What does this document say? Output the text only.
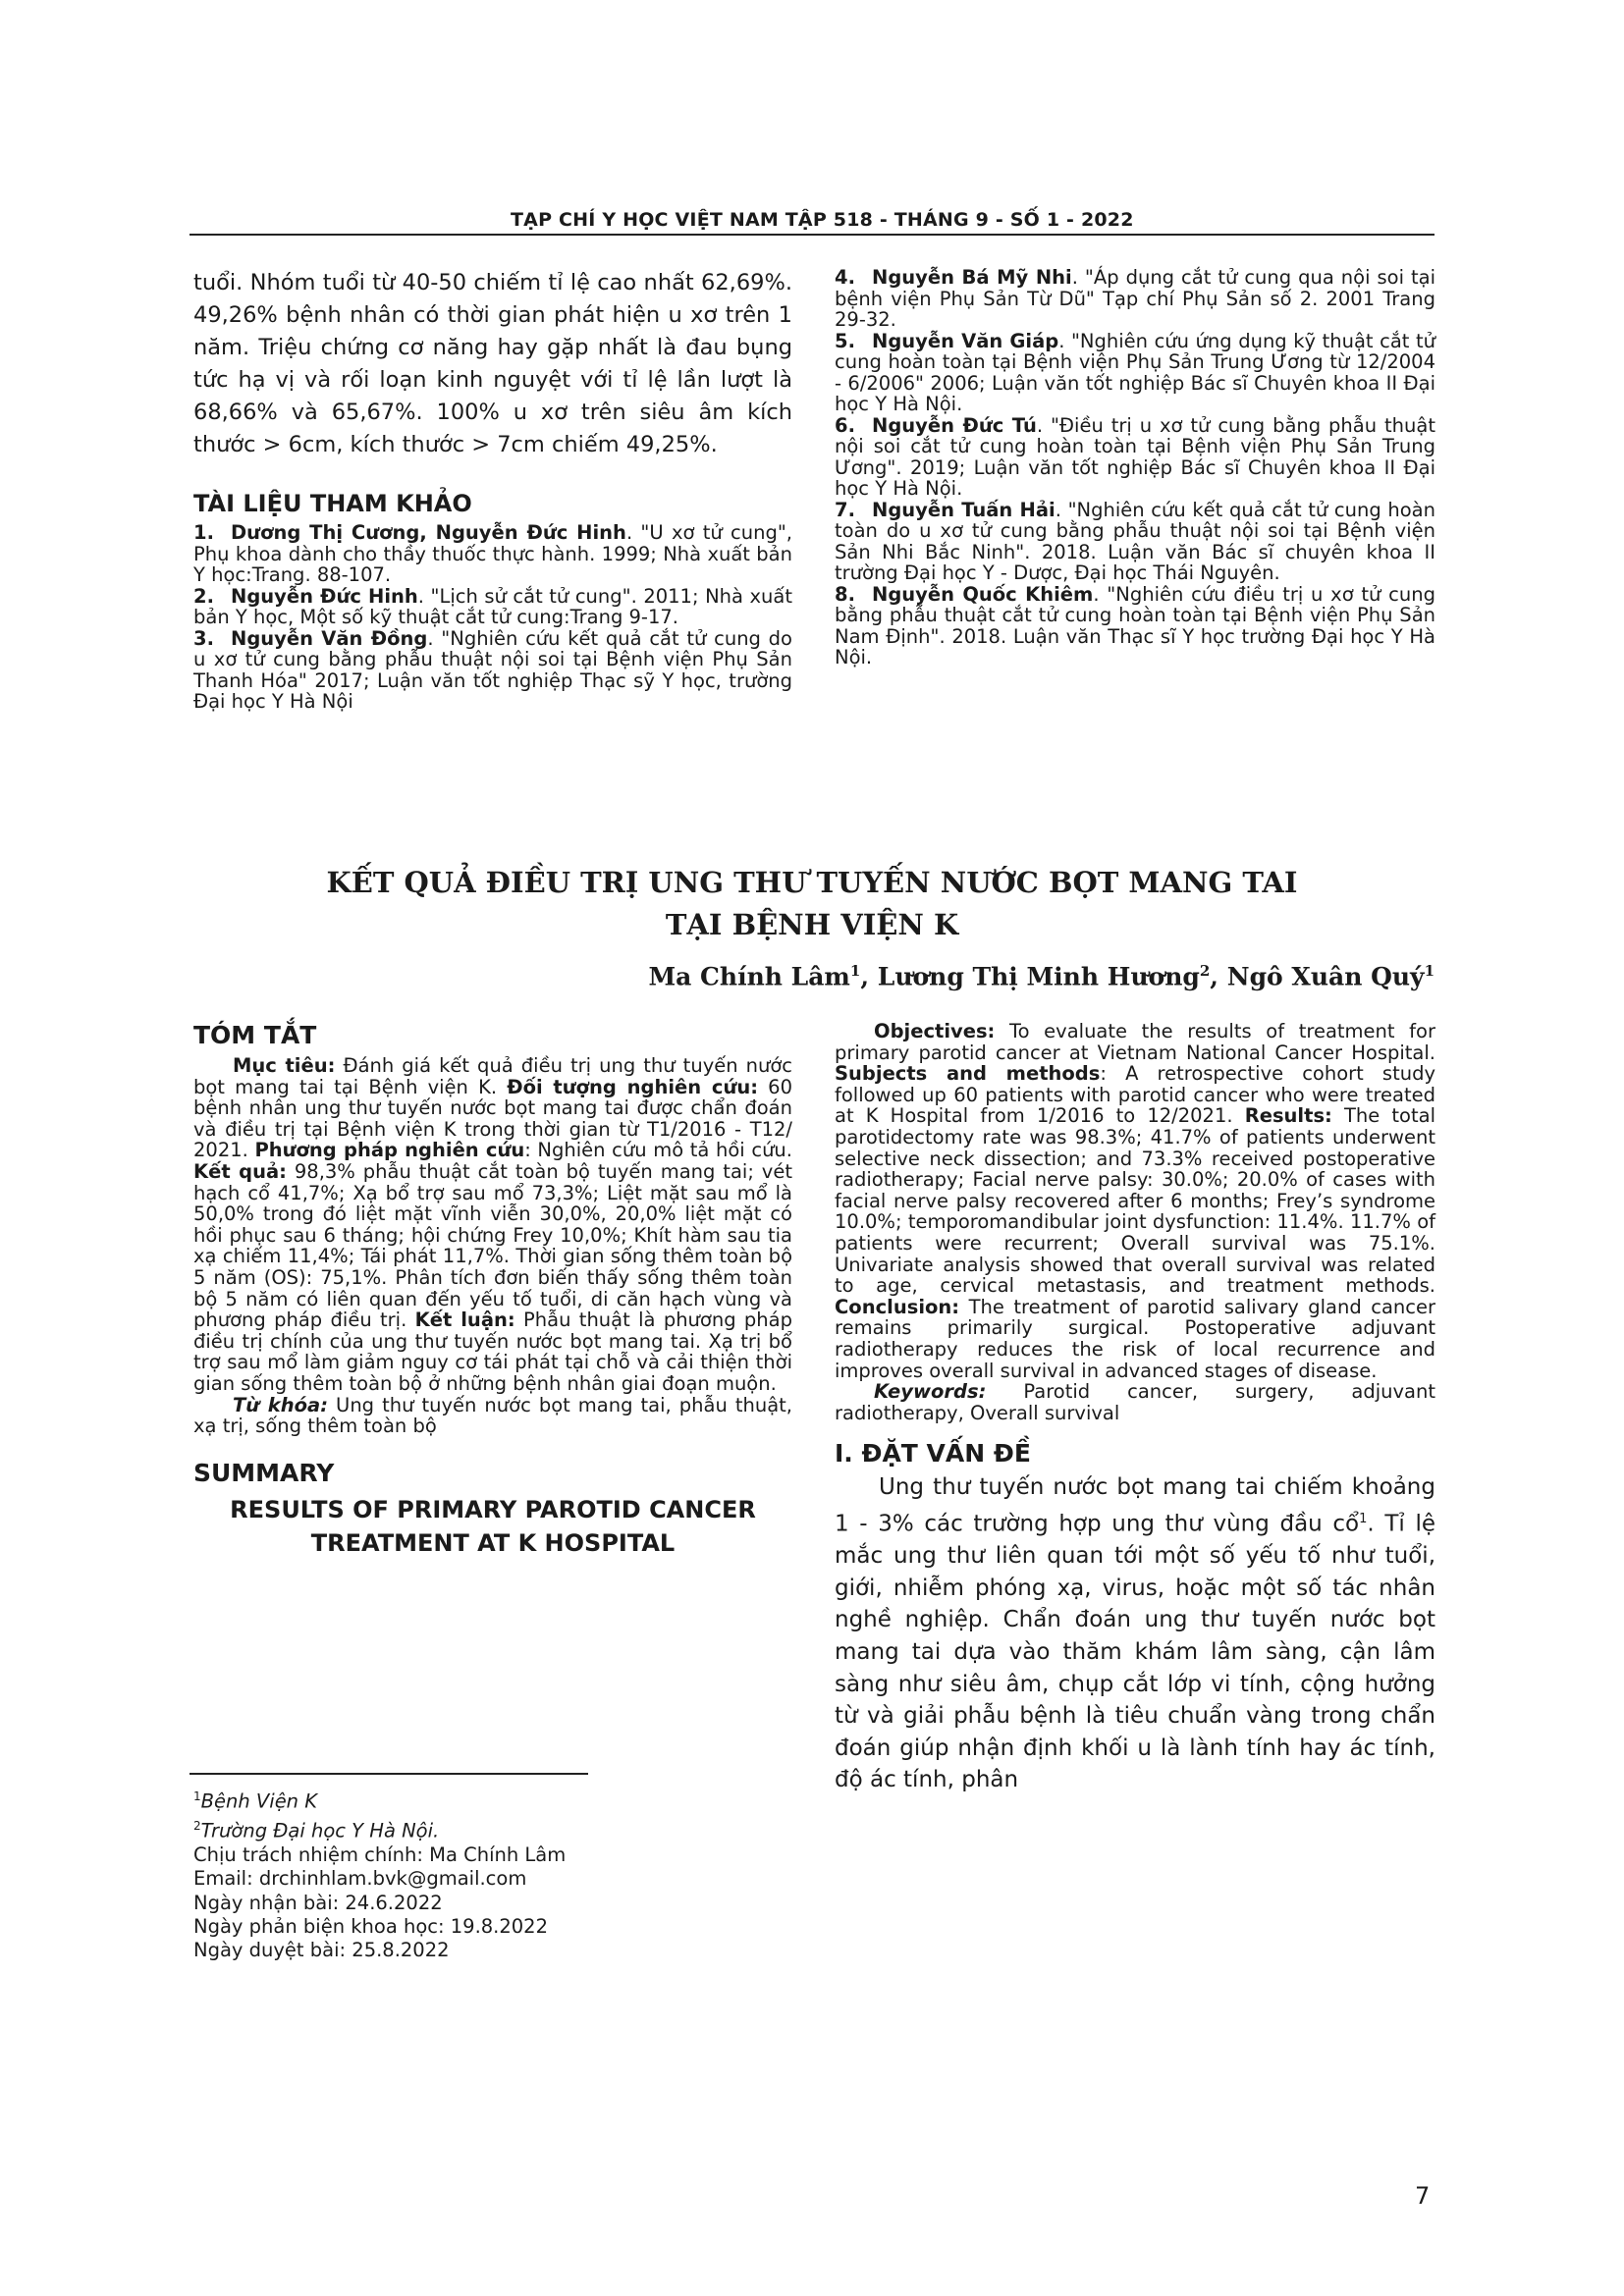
TẠP CHÍ Y HỌC VIỆT NAM TẬP 518 - THÁNG 9 - SỐ 1 - 2022
tuổi. Nhóm tuổi từ 40-50 chiếm tỉ lệ cao nhất 62,69%. 49,26% bệnh nhân có thời gian phát hiện u xơ trên 1 năm. Triệu chứng cơ năng hay gặp nhất là đau bụng tức hạ vị và rối loạn kinh nguyệt với tỉ lệ lần lượt là 68,66% và 65,67%. 100% u xơ trên siêu âm kích thước > 6cm, kích thước > 7cm chiếm 49,25%.
TÀI LIỆU THAM KHẢO

1. Dương Thị Cương, Nguyễn Đức Hinh. "U xơ tử cung", Phụ khoa dành cho thầy thuốc thực hành. 1999; Nhà xuất bản Y học:Trang. 88-107.

2. Nguyễn Đức Hinh. "Lịch sử cắt tử cung". 2011; Nhà xuất bản Y học, Một số kỹ thuật cắt tử cung:Trang 9-17.

3. Nguyễn Văn Đồng. "Nghiên cứu kết quả cắt tử cung do u xơ tử cung bằng phẫu thuật nội soi tại Bệnh viện Phụ Sản Thanh Hóa" 2017; Luận văn tốt nghiệp Thạc sỹ Y học, trường Đại học Y Hà Nội

4. Nguyễn Bá Mỹ Nhi. "Áp dụng cắt tử cung qua nội soi tại bệnh viện Phụ Sản Từ Dũ" Tạp chí Phụ Sản số 2. 2001 Trang 29-32.

5. Nguyễn Văn Giáp. "Nghiên cứu ứng dụng kỹ thuật cắt tử cung hoàn toàn tại Bệnh viện Phụ Sản Trung Ương từ 12/2004 - 6/2006" 2006; Luận văn tốt nghiệp Bác sĩ Chuyên khoa II Đại học Y Hà Nội.

6. Nguyễn Đức Tú. "Điều trị u xơ tử cung bằng phẫu thuật nội soi cắt tử cung hoàn toàn tại Bệnh viện Phụ Sản Trung Ương". 2019; Luận văn tốt nghiệp Bác sĩ Chuyên khoa II Đại học Y Hà Nội.

7. Nguyễn Tuấn Hải. "Nghiên cứu kết quả cắt tử cung hoàn toàn do u xơ tử cung bằng phẫu thuật nội soi tại Bệnh viện Sản Nhi Bắc Ninh". 2018. Luận văn Bác sĩ chuyên khoa II trường Đại học Y - Dược, Đại học Thái Nguyên.

8. Nguyễn Quốc Khiêm. "Nghiên cứu điều trị u xơ tử cung bằng phẫu thuật cắt tử cung hoàn toàn tại Bệnh viện Phụ Sản Nam Định". 2018. Luận văn Thạc sĩ Y học trường Đại học Y Hà Nội.

KẾT QUẢ ĐIỀU TRỊ UNG THƯ TUYẾN NƯỚC BỌT MANG TAI
TẠI BỆNH VIỆN K
Ma Chính Lâm$^1$, Lương Thị Minh Hương$^2$, Ngô Xuân Quý$^1$
TÓM TẮT

Mục tiêu: Đánh giá kết quả điều trị ung thư tuyến nước bọt mang tai tại Bệnh viện K. Đối tượng nghiên cứu: 60 bệnh nhân ung thư tuyến nước bọt mang tai được chẩn đoán và điều trị tại Bệnh viện K trong thời gian từ T1/2016 - T12/ 2021. Phương pháp nghiên cứu: Nghiên cứu mô tả hồi cứu. Kết quả: 98,3% phẫu thuật cắt toàn bộ tuyến mang tai; vét hạch cổ 41,7%; Xạ bổ trợ sau mổ 73,3%; Liệt mặt sau mổ là 50,0% trong đó liệt mặt vĩnh viễn 30,0%, 20,0% liệt mặt có hồi phục sau 6 tháng; hội chứng Frey 10,0%; Khít hàm sau tia xạ chiếm 11,4%; Tái phát 11,7%. Thời gian sống thêm toàn bộ 5 năm (OS): 75,1%. Phân tích đơn biến thấy sống thêm toàn bộ 5 năm có liên quan đến yếu tố tuổi, di căn hạch vùng và phương pháp điều trị. Kết luận: Phẫu thuật là phương pháp điều trị chính của ung thư tuyến nước bọt mang tai. Xạ trị bổ trợ sau mổ làm giảm nguy cơ tái phát tại chỗ và cải thiện thời gian sống thêm toàn bộ ở những bệnh nhân giai đoạn muộn.

Từ khóa: Ung thư tuyến nước bọt mang tai, phẫu thuật, xạ trị, sống thêm toàn bộ

SUMMARY
RESULTS OF PRIMARY PAROTID CANCER
TREATMENT AT K HOSPITAL
$^1$Bệnh Viện K
$^2$Trường Đại học Y Hà Nội.
Chịu trách nhiệm chính: Ma Chính Lâm
Email: drchinhlam.bvk@gmail.com
Ngày nhận bài: 24.6.2022
Ngày phản biện khoa học: 19.8.2022
Ngày duyệt bài: 25.8.2022

Objectives: To evaluate the results of treatment for primary parotid cancer at Vietnam National Cancer Hospital. Subjects and methods: A retrospective cohort study followed up 60 patients with parotid cancer who were treated at K Hospital from 1/2016 to 12/2021. Results: The total parotidectomy rate was 98.3%; 41.7% of patients underwent selective neck dissection; and 73.3% received postoperative radiotherapy; Facial nerve palsy: 30.0%; 20.0% of cases with facial nerve palsy recovered after 6 months; Frey’s syndrome 10.0%; temporomandibular joint dysfunction: 11.4%. 11.7% of patients were recurrent; Overall survival was 75.1%. Univariate analysis showed that overall survival was related to age, cervical metastasis, and treatment methods. Conclusion: The treatment of parotid salivary gland cancer remains primarily surgical. Postoperative adjuvant radiotherapy reduces the risk of local recurrence and improves overall survival in advanced stages of disease.

Keywords: Parotid cancer, surgery, adjuvant radiotherapy, Overall survival

I. ĐẶT VẤN ĐỀ

Ung thư tuyến nước bọt mang tai chiếm khoảng 1 - 3% các trường hợp ung thư vùng đầu cổ$^1$. Tỉ lệ mắc ung thư liên quan tới một số yếu tố như tuổi, giới, nhiễm phóng xạ, virus, hoặc một số tác nhân nghề nghiệp. Chẩn đoán ung thư tuyến nước bọt mang tai dựa vào thăm khám lâm sàng, cận lâm sàng như siêu âm, chụp cắt lớp vi tính, cộng hưởng từ và giải phẫu bệnh là tiêu chuẩn vàng trong chẩn đoán giúp nhận định khối u là lành tính hay ác tính, độ ác tính, phân

7
